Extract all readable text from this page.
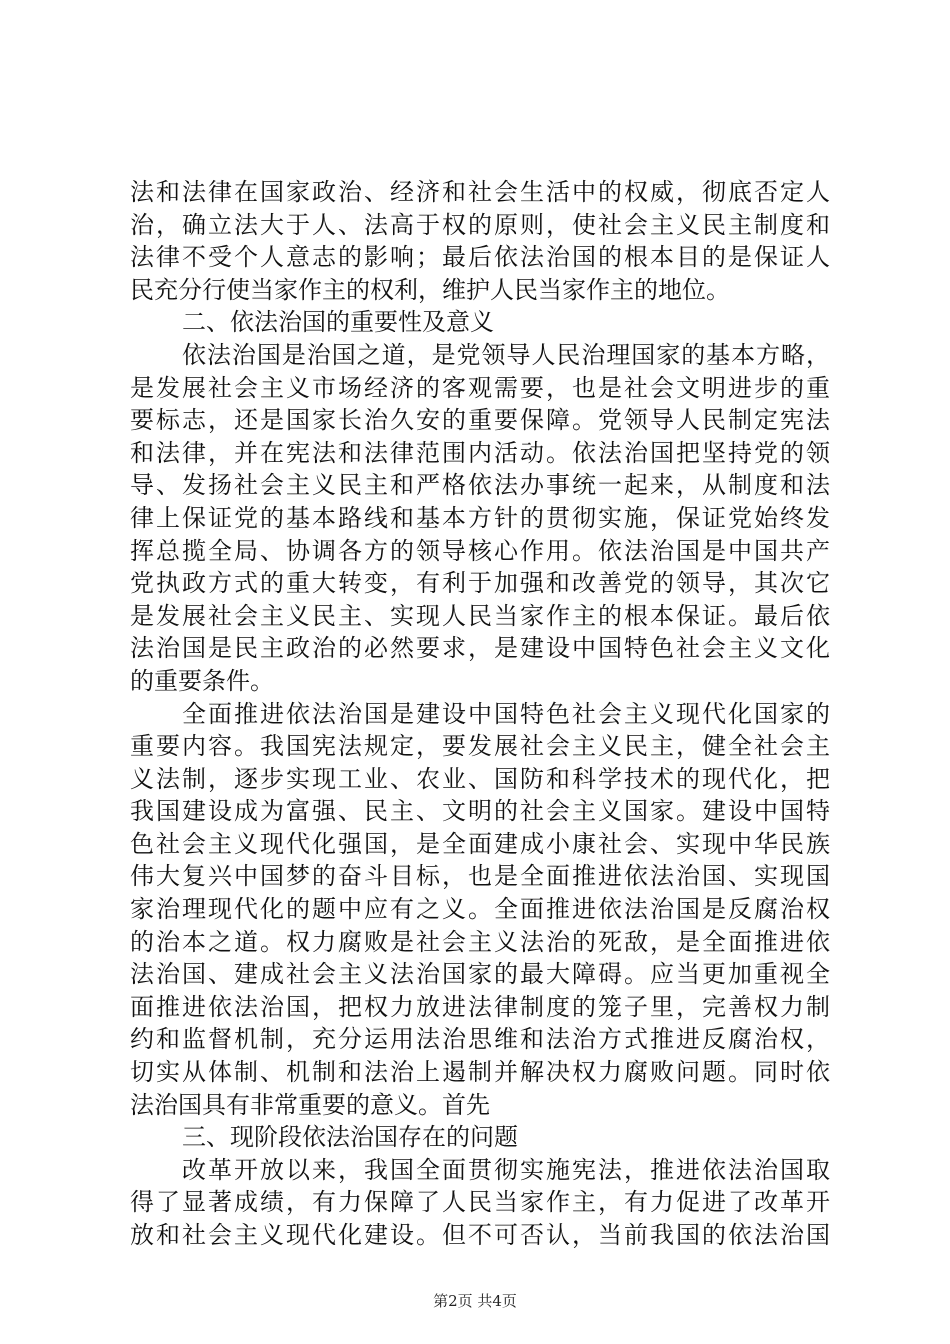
法和法律在国家政治、经济和社会生活中的权威，彻底否定人
治，确立法大于人、法高于权的原则，使社会主义民主制度和
法律不受个人意志的影响；最后依法治国的根本目的是保证人
民充分行使当家作主的权利，维护人民当家作主的地位。
二、依法治国的重要性及意义
依法治国是治国之道，是党领导人民治理国家的基本方略，
是发展社会主义市场经济的客观需要，也是社会文明进步的重
要标志，还是国家长治久安的重要保障。党领导人民制定宪法
和法律，并在宪法和法律范围内活动。依法治国把坚持党的领
导、发扬社会主义民主和严格依法办事统一起来，从制度和法
律上保证党的基本路线和基本方针的贯彻实施，保证党始终发
挥总揽全局、协调各方的领导核心作用。依法治国是中国共产
党执政方式的重大转变，有利于加强和改善党的领导，其次它
是发展社会主义民主、实现人民当家作主的根本保证。最后依
法治国是民主政治的必然要求，是建设中国特色社会主义文化
的重要条件。
全面推进依法治国是建设中国特色社会主义现代化国家的
重要内容。我国宪法规定，要发展社会主义民主，健全社会主
义法制，逐步实现工业、农业、国防和科学技术的现代化，把
我国建设成为富强、民主、文明的社会主义国家。建设中国特
色社会主义现代化强国，是全面建成小康社会、实现中华民族
伟大复兴中国梦的奋斗目标，也是全面推进依法治国、实现国
家治理现代化的题中应有之义。全面推进依法治国是反腐治权
的治本之道。权力腐败是社会主义法治的死敌，是全面推进依
法治国、建成社会主义法治国家的最大障碍。应当更加重视全
面推进依法治国，把权力放进法律制度的笼子里，完善权力制
约和监督机制，充分运用法治思维和法治方式推进反腐治权，
切实从体制、机制和法治上遏制并解决权力腐败问题。同时依
法治国具有非常重要的意义。首先
三、现阶段依法治国存在的问题
改革开放以来，我国全面贯彻实施宪法，推进依法治国取
得了显著成绩，有力保障了人民当家作主，有力促进了改革开
放和社会主义现代化建设。但不可否认，当前我国的依法治国
第2页 共4页
